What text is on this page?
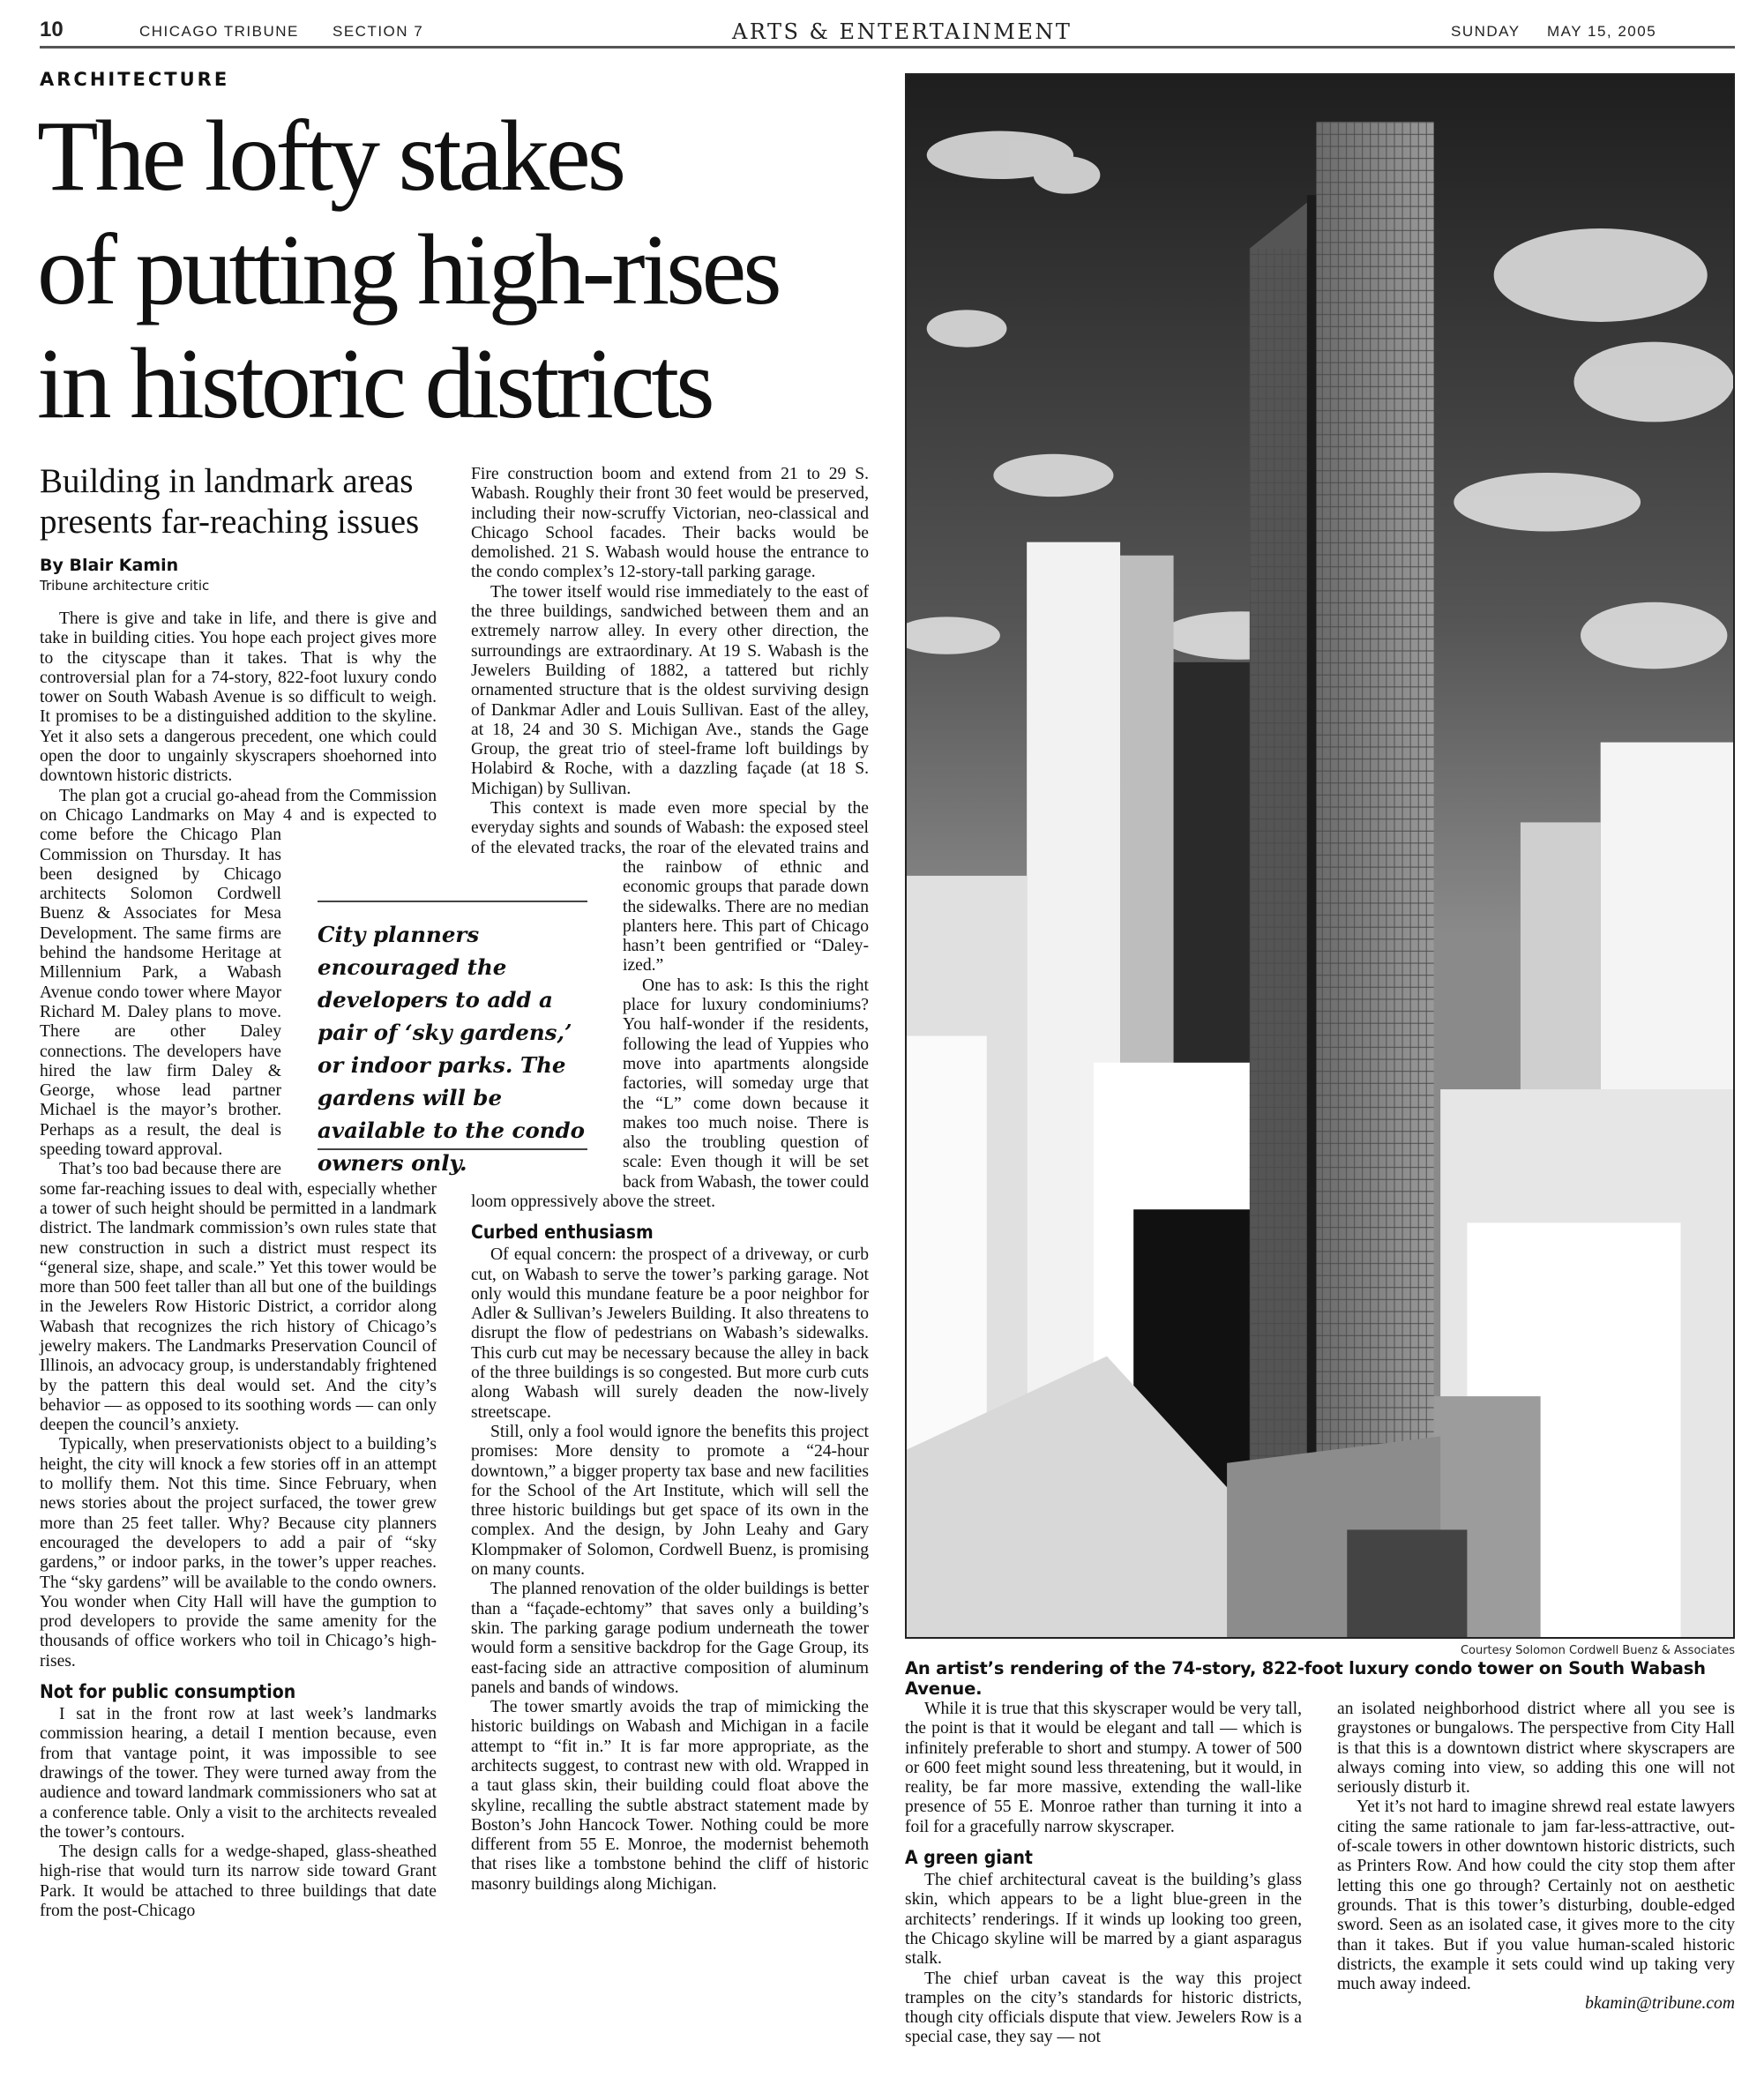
10	CHICAGO TRIBUNE SECTION 7	ARTS & ENTERTAINMENT	SUNDAY MAY 15, 2005
ARCHITECTURE
The lofty stakes
of putting high-rises
in historic districts
Building in landmark areas presents far-reaching issues
By Blair Kamin
Tribune architecture critic

There is give and take in life, and there is give and take in building cities. You hope each project gives more to the cityscape than it takes. That is why the controversial plan for a 74-story, 822-foot luxury condo tower on South Wabash Avenue is so difficult to weigh. It promises to be a distinguished addition to the skyline. Yet it also sets a dangerous precedent, one which could open the door to ungainly skyscrapers shoehorned into downtown historic districts.

The plan got a crucial go-ahead from the Commission on Chicago Landmarks on May 4 and is expected to come before the Chicago Plan Commission on Thursday. It has been designed by Chicago architects Solomon Cordwell Buenz & Associates for Mesa Development. The same firms are behind the handsome Heritage at Millennium Park, a Wabash Avenue condo tower where Mayor Richard M. Daley plans to move. There are other Daley connections. The developers have hired the law firm Daley & George, whose lead partner Michael is the mayor’s brother. Perhaps as a result, the deal is speeding toward approval.

That’s too bad because there are some far-reaching issues to deal with, especially whether a tower of such height should be permitted in a landmark district. The landmark commission’s own rules state that new construction in such a district must respect its “general size, shape, and scale.” Yet this tower would be more than 500 feet taller than all but one of the buildings in the Jewelers Row Historic District, a corridor along Wabash that recognizes the rich history of Chicago’s jewelry makers. The Landmarks Preservation Council of Illinois, an advocacy group, is understandably frightened by the pattern this deal would set. And the city’s behavior — as opposed to its soothing words — can only deepen the council’s anxiety.

Typically, when preservationists object to a building’s height, the city will knock a few stories off in an attempt to mollify them. Not this time. Since February, when news stories about the project surfaced, the tower grew more than 25 feet taller. Why? Because city planners encouraged the developers to add a pair of “sky gardens,” or indoor parks, in the tower’s upper reaches. The “sky gardens” will be available to the condo owners. You wonder when City Hall will have the gumption to prod developers to provide the same amenity for the thousands of office workers who toil in Chicago’s high-rises.

Not for public consumption

I sat in the front row at last week’s landmarks commission hearing, a detail I mention because, even from that vantage point, it was impossible to see drawings of the tower. They were turned away from the audience and toward landmark commissioners who sat at a conference table. Only a visit to the architects revealed the tower’s contours.

The design calls for a wedge-shaped, glass-sheathed high-rise that would turn its narrow side toward Grant Park. It would be attached to three buildings that date from the post-Chicago

Fire construction boom and extend from 21 to 29 S. Wabash. Roughly their front 30 feet would be preserved, including their now-scruffy Victorian, neo-classical and Chicago School facades. Their backs would be demolished. 21 S. Wabash would house the entrance to the condo complex’s 12-story-tall parking garage.

The tower itself would rise immediately to the east of the three buildings, sandwiched between them and an extremely narrow alley. In every other direction, the surroundings are extraordinary. At 19 S. Wabash is the Jewelers Building of 1882, a tattered but richly ornamented structure that is the oldest surviving design of Dankmar Adler and Louis Sullivan. East of the alley, at 18, 24 and 30 S. Michigan Ave., stands the Gage Group, the great trio of steel-frame loft buildings by Holabird & Roche, with a dazzling façade (at 18 S. Michigan) by Sullivan.

This context is made even more special by the everyday sights and sounds of Wabash: the exposed steel of the elevated tracks, the roar of the elevated trains and the rainbow of ethnic and economic groups that parade down the sidewalks. There are no median planters here. This part of Chicago hasn’t been gentrified or “Daley-ized.”

One has to ask: Is this the right place for luxury condominiums? You half-wonder if the residents, following the lead of Yuppies who move into apartments alongside factories, will someday urge that the “L” come down because it makes too much noise. There is also the troubling question of scale: Even though it will be set back from Wabash, the tower could loom oppressively above the street.

Curbed enthusiasm

Of equal concern: the prospect of a driveway, or curb cut, on Wabash to serve the tower’s parking garage. Not only would this mundane feature be a poor neighbor for Adler & Sullivan’s Jewelers Building. It also threatens to disrupt the flow of pedestrians on Wabash’s sidewalks. This curb cut may be necessary because the alley in back of the three buildings is so congested. But more curb cuts along Wabash will surely deaden the now-lively streetscape.

Still, only a fool would ignore the benefits this project promises: More density to promote a “24-hour downtown,” a bigger property tax base and new facilities for the School of the Art Institute, which will sell the three historic buildings but get space of its own in the complex. And the design, by John Leahy and Gary Klompmaker of Solomon, Cordwell Buenz, is promising on many counts.

The planned renovation of the older buildings is better than a “façade-echtomy” that saves only a building’s skin. The parking garage podium underneath the tower would form a sensitive backdrop for the Gage Group, its east-facing side an attractive composition of aluminum panels and bands of windows.

The tower smartly avoids the trap of mimicking the historic buildings on Wabash and Michigan in a facile attempt to “fit in.” It is far more appropriate, as the architects suggest, to contrast new with old. Wrapped in a taut glass skin, their building could float above the skyline, recalling the subtle abstract statement made by Boston’s John Hancock Tower. Nothing could be more different from 55 E. Monroe, the modernist behemoth that rises like a tombstone behind the cliff of historic masonry buildings along Michigan.

City planners encouraged the developers to add a pair of ‘sky gardens,’ or indoor parks. The gardens will be available to the condo owners only.
Courtesy Solomon Cordwell Buenz & Associates
An artist’s rendering of the 74-story, 822-foot luxury condo tower on South Wabash Avenue.

While it is true that this skyscraper would be very tall, the point is that it would be elegant and tall — which is infinitely preferable to short and stumpy. A tower of 500 or 600 feet might sound less threatening, but it would, in reality, be far more massive, extending the wall-like presence of 55 E. Monroe rather than turning it into a foil for a gracefully narrow skyscraper.

A green giant

The chief architectural caveat is the building’s glass skin, which appears to be a light blue-green in the architects’ renderings. If it winds up looking too green, the Chicago skyline will be marred by a giant asparagus stalk.

The chief urban caveat is the way this project tramples on the city’s standards for historic districts, though city officials dispute that view. Jewelers Row is a special case, they say — not

an isolated neighborhood district where all you see is graystones or bungalows. The perspective from City Hall is that this is a downtown district where skyscrapers are always coming into view, so adding this one will not seriously disturb it.

Yet it’s not hard to imagine shrewd real estate lawyers citing the same rationale to jam far-less-attractive, out-of-scale towers in other downtown historic districts, such as Printers Row. And how could the city stop them after letting this one go through? Certainly not on aesthetic grounds. That is this tower’s disturbing, double-edged sword. Seen as an isolated case, it gives more to the city than it takes. But if you value human-scaled historic districts, the example it sets could wind up taking very much away indeed.

bkamin@tribune.com
